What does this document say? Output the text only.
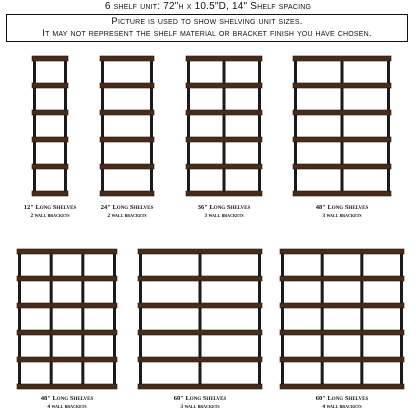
6 shelf unit: 72"h x 10.5"D, 14" Shelf spacing
Picture is used to show shelving unit sizes.
It may not represent the shelf material or bracket finish you have chosen.
12" Long Shelves
2 wall brackets
24" Long Shelves
2 wall brackets
36" Long Shelves
3 wall brackets
48" Long Shelves
3 wall brackets
48" Long Shelves
4 wall brackets
60" Long Shelves
3 wall brackets
60" Long Shelves
4 wall brackets
